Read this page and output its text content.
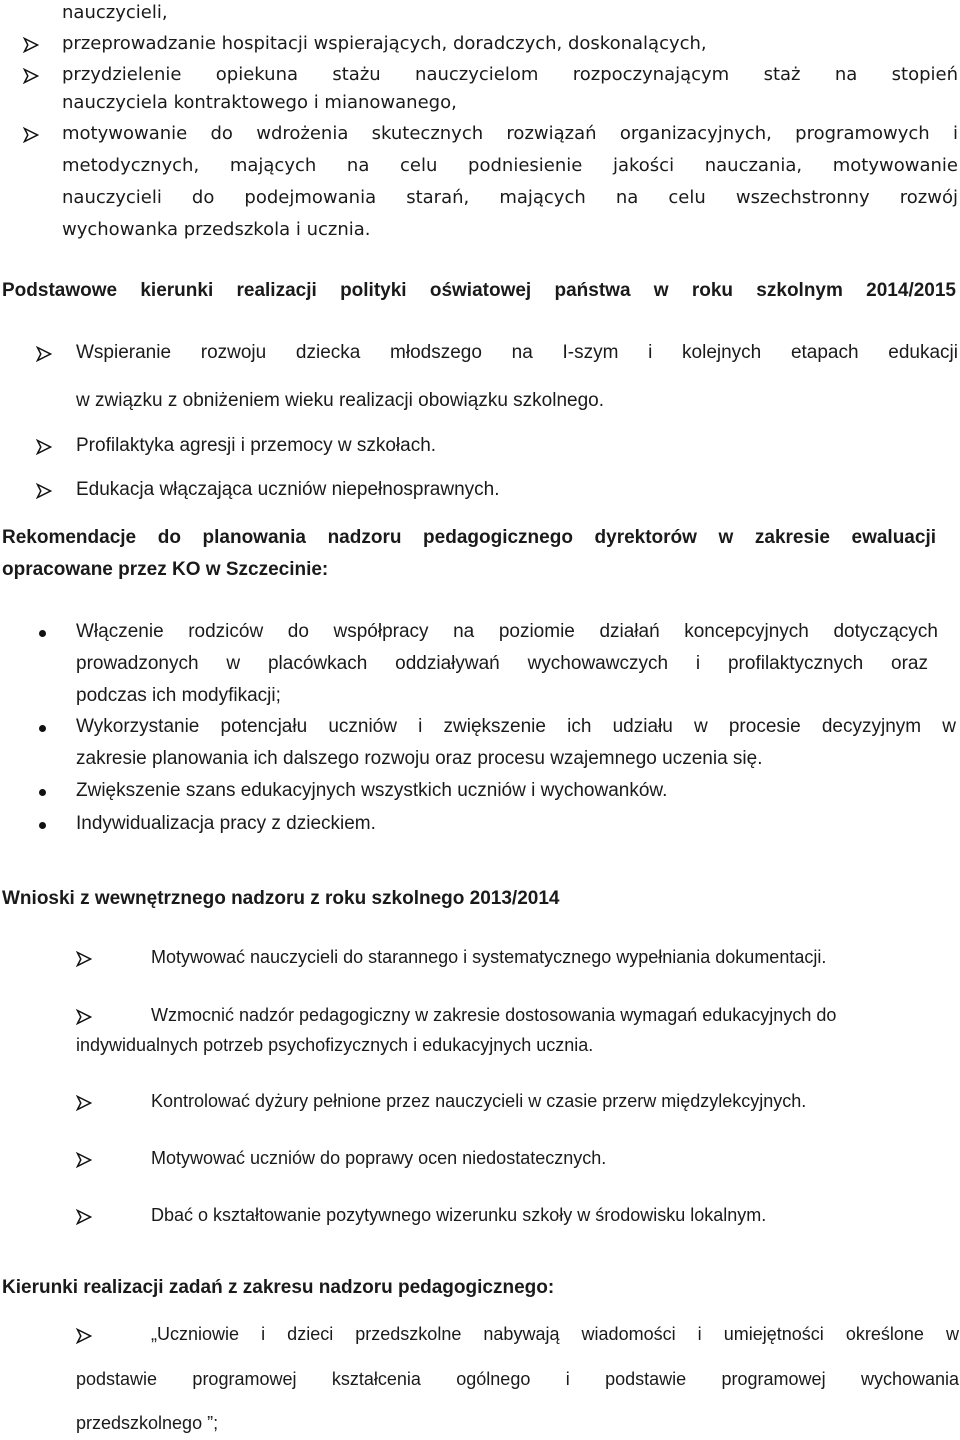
nauczycieli,
przeprowadzanie hospitacji wspierających, doradczych, doskonalących,
przydzielenie opiekuna stażu nauczycielom rozpoczynającym staż na stopień
nauczyciela kontraktowego i mianowanego,
motywowanie do wdrożenia skutecznych rozwiązań organizacyjnych, programowych i
metodycznych, mających na celu podniesienie jakości nauczania, motywowanie
nauczycieli do podejmowania starań, mających na celu wszechstronny rozwój
wychowanka przedszkola i ucznia.
Podstawowe kierunki realizacji polityki oświatowej państwa w roku szkolnym 2014/2015
Wspieranie rozwoju dziecka młodszego na I-szym i kolejnych etapach edukacji
w związku z obniżeniem wieku realizacji obowiązku szkolnego.
Profilaktyka agresji i przemocy w szkołach.
Edukacja włączająca uczniów niepełnosprawnych.
Rekomendacje do planowania nadzoru pedagogicznego dyrektorów w zakresie ewaluacji
opracowane przez KO w Szczecinie:
Włączenie rodziców do współpracy na poziomie działań koncepcyjnych dotyczących
prowadzonych w placówkach oddziaływań wychowawczych i profilaktycznych oraz
podczas ich modyfikacji;
Wykorzystanie potencjału uczniów i zwiększenie ich udziału w procesie decyzyjnym w
zakresie planowania ich dalszego rozwoju oraz procesu wzajemnego uczenia się.
Zwiększenie szans edukacyjnych wszystkich uczniów i wychowanków.
Indywidualizacja pracy z dzieckiem.
Wnioski z wewnętrznego nadzoru z roku szkolnego 2013/2014
Motywować nauczycieli do starannego i systematycznego wypełniania dokumentacji.
Wzmocnić nadzór pedagogiczny w zakresie dostosowania wymagań edukacyjnych do
indywidualnych potrzeb psychofizycznych i edukacyjnych ucznia.
Kontrolować dyżury pełnione przez nauczycieli w czasie przerw międzylekcyjnych.
Motywować uczniów do poprawy ocen niedostatecznych.
Dbać o kształtowanie pozytywnego wizerunku szkoły w środowisku lokalnym.
Kierunki realizacji zadań z zakresu nadzoru pedagogicznego:
„Uczniowie i dzieci przedszkolne nabywają wiadomości i umiejętności określone w
podstawie programowej kształcenia ogólnego i podstawie programowej wychowania
przedszkolnego ”;
